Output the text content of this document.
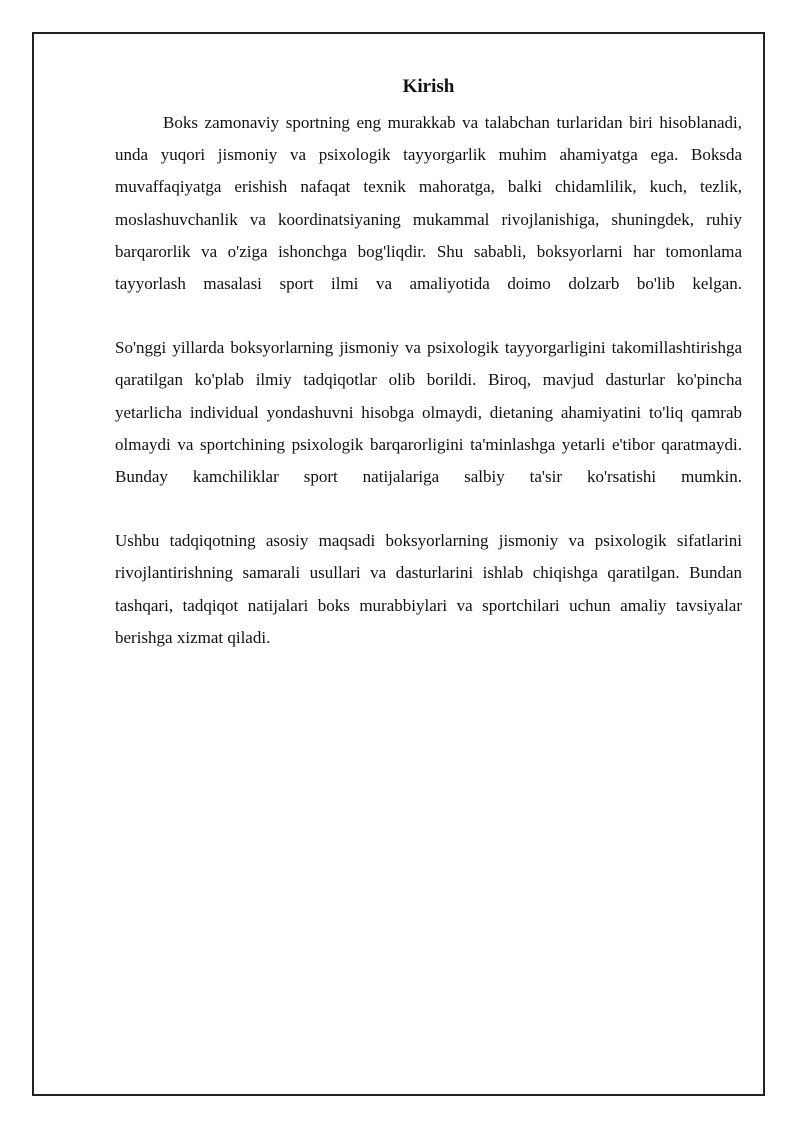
Kirish

Boks zamonaviy sportning eng murakkab va talabchan turlaridan biri hisoblanadi, unda yuqori jismoniy va psixologik tayyorgarlik muhim ahamiyatga ega. Boksda muvaffaqiyatga erishish nafaqat texnik mahoratga, balki chidamlilik, kuch, tezlik, moslashuvchanlik va koordinatsiyaning mukammal rivojlanishiga, shuningdek, ruhiy barqarorlik va o'ziga ishonchga bog'liqdir. Shu sababli, boksyorlarni har tomonlama tayyorlash masalasi sport ilmi va amaliyotida doimo dolzarb bo'lib kelgan.

So'nggi yillarda boksyorlarning jismoniy va psixologik tayyorgarligini takomillashtirishga qaratilgan ko'plab ilmiy tadqiqotlar olib borildi. Biroq, mavjud dasturlar ko'pincha yetarlicha individual yondashuvni hisobga olmaydi, dietaning ahamiyatini to'liq qamrab olmaydi va sportchining psixologik barqarorligini ta'minlashga yetarli e'tibor qaratmaydi. Bunday kamchiliklar sport natijalariga salbiy ta'sir ko'rsatishi mumkin.

Ushbu tadqiqotning asosiy maqsadi boksyorlarning jismoniy va psixologik sifatlarini rivojlantirishning samarali usullari va dasturlarini ishlab chiqishga qaratilgan. Bundan tashqari, tadqiqot natijalari boks murabbiylari va sportchilari uchun amaliy tavsiyalar berishga xizmat qiladi.
